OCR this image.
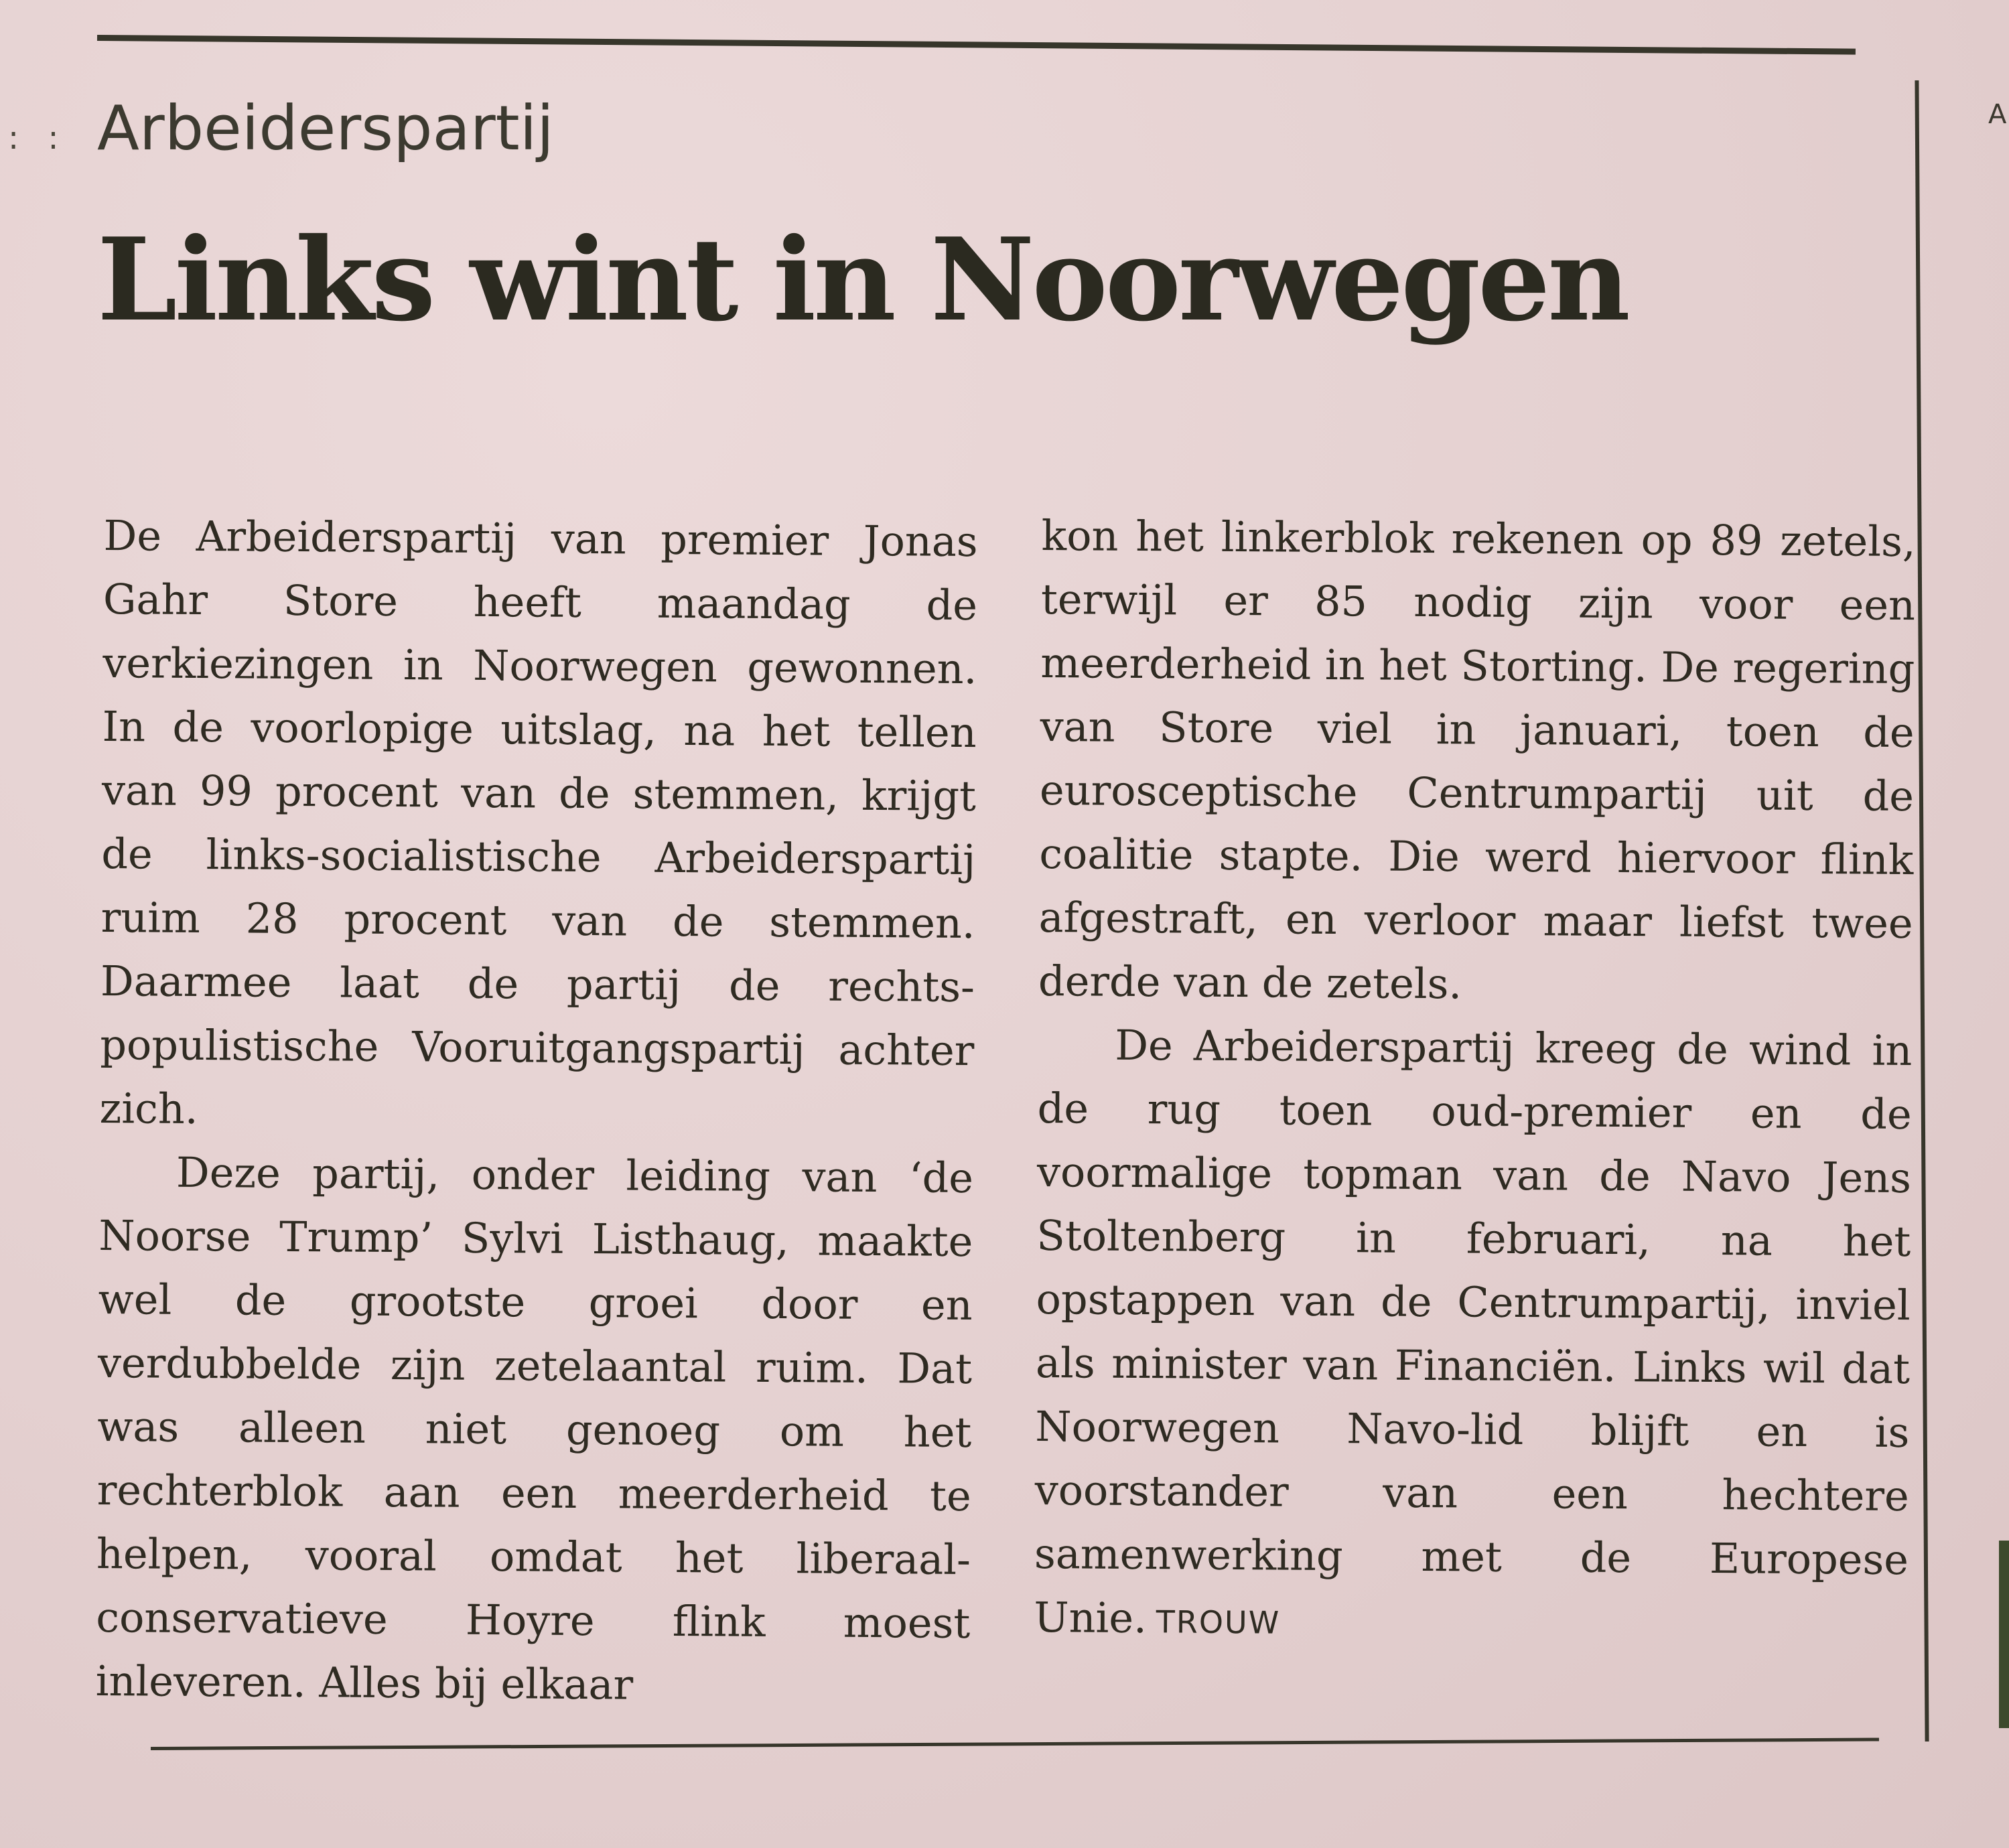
: :
A
Arbeiderspartij
Links wint in Noorwegen

De Arbeiderspartij van premier Jonas Gahr Store heeft maandag de verkiezingen in Noorwegen gewonnen. In de voorlopige uitslag, na het tellen van 99 procent van de stemmen, krijgt de links-socialistische Arbeiderspartij ruim 28 procent van de stemmen. Daarmee laat de partij de rechts-populistische Vooruitgangspartij achter zich.

Deze partij, onder leiding van ‘de Noorse Trump’ Sylvi Listhaug, maakte wel de grootste groei door en verdubbelde zijn zetelaantal ruim. Dat was alleen niet genoeg om het rechterblok aan een meerderheid te helpen, vooral omdat het liberaal-conservatieve Hoyre flink moest inleveren. Alles bij elkaar

kon het linkerblok rekenen op 89 zetels, terwijl er 85 nodig zijn voor een meerderheid in het Storting. De regering van Store viel in januari, toen de eurosceptische Centrumpartij uit de coalitie stapte. Die werd hiervoor flink afgestraft, en verloor maar liefst twee derde van de zetels.

De Arbeiderspartij kreeg de wind in de rug toen oud-premier en de voormalige topman van de Navo Jens Stoltenberg in februari, na het opstappen van de Centrumpartij, inviel als minister van Financiën. Links wil dat Noorwegen Navo-lid blijft en is voorstander van een hechtere samenwerking met de Europese Unie. TROUW
